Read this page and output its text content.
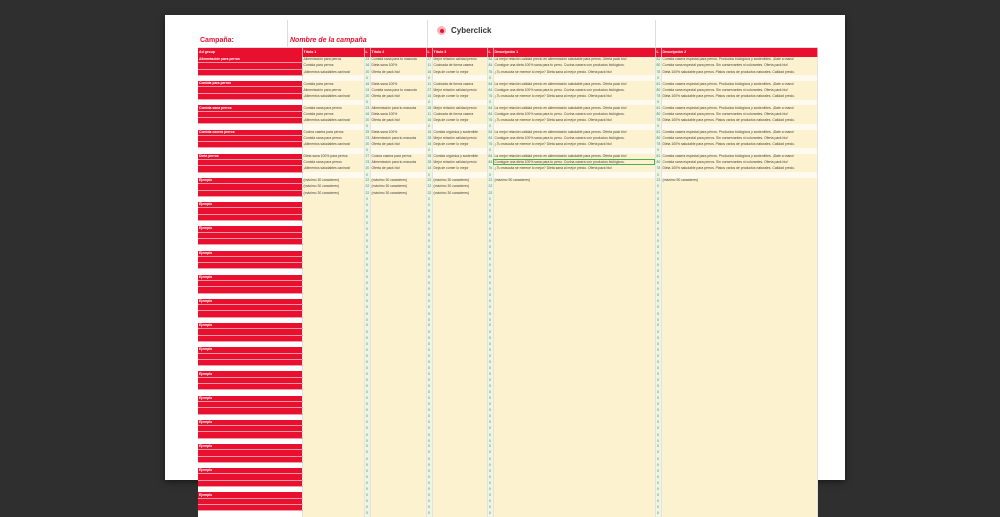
Campaña:	Nombre de la campaña
Cyberclick
Ad group	Título 1	L	Título 2	L	Título 3	L	Descripción 1	L	Descripción 2
Alimentación para perros	Alimentación para perros	24	Comida sana para tu mascota	27	Mejor relación calidad precio	84	La mejor relación calidad precio en alimentación saludable para perros. Oferta pack bio!	81	Comida casera especial para perros. Productos biológicos y sostenibles. ¡Date a mano!
	Comida para perros	16	Dieta sana 100%	11	Cocinada de forma casera	84	Consigue una dieta 100% sana para tu perro. Cocina casera con productos biológicos.	80	Comida sana especial para perros. Sin conservantes ni colorantes. Oferta pack bio!
	¡Alimentos saludables caninos!	20	Oferta de pack bio!	16	Deja de comer lo mejor	76	¿Tu mascota se merece lo mejor? Dieta sana al mejor precio. Oferta pack bio!	78	Dieta 100% saludable para perros. Platos varios de productos naturales. Calidad precio.
		0		0		0		0	
Comida para perros	Comida para perros	16	Dieta sana 100%	11	Cocinada de forma casera	84	La mejor relación calidad precio en alimentación saludable para perros. Oferta pack bio!	81	Comida casera especial para perros. Productos biológicos y sostenibles. ¡Date a mano!
	Alimentación para perros	24	Comida sana para tu mascota	27	Mejor relación calidad precio	84	Consigue una dieta 100% sana para tu perro. Cocina casera con productos biológicos.	80	Comida sana especial para perros. Sin conservantes ni colorantes. Oferta pack bio!
	¡Alimentos saludables caninos!	20	Oferta de pack bio!	16	Deja de comer lo mejor	76	¿Tu mascota se merece lo mejor? Dieta sana al mejor precio. Oferta pack bio!	78	Dieta 100% saludable para perros. Platos varios de productos naturales. Calidad precio.
		0		0		0		0	
Comida sana perros	Comida sana para perros	23	Alimentación para tu mascota	28	Mejor relación calidad precio	84	La mejor relación calidad precio en alimentación saludable para perros. Oferta pack bio!	81	Comida casera especial para perros. Productos biológicos y sostenibles. ¡Date a mano!
	Comida para perros	16	Dieta sana 100%	11	Cocinada de forma casera	84	Consigue una dieta 100% sana para tu perro. Cocina casera con productos biológicos.	80	Comida sana especial para perros. Sin conservantes ni colorantes. Oferta pack bio!
	¡Alimentos saludables caninos!	20	Oferta de pack bio!	16	Deja de comer lo mejor	76	¿Tu mascota se merece lo mejor? Dieta sana al mejor precio. Oferta pack bio!	78	Dieta 100% saludable para perros. Platos varios de productos naturales. Calidad precio.
		0		0		0		0	
Comida casera perros	Cocina casera para perros	25	Dieta sana 100%	16	Comida orgánica y sostenible	84	La mejor relación calidad precio en alimentación saludable para perros. Oferta pack bio!	81	Comida casera especial para perros. Productos biológicos y sostenibles. ¡Date a mano!
	Comida sana para perros	23	Alimentación para tu mascota	28	Mejor relación calidad precio	84	Consigue una dieta 100% sana para tu perro. Cocina casera con productos biológicos.	80	Comida sana especial para perros. Sin conservantes ni colorantes. Oferta pack bio!
	¡Alimentos saludables caninos!	20	Oferta de pack bio!	16	Deja de comer lo mejor	76	¿Tu mascota se merece lo mejor? Dieta sana al mejor precio. Oferta pack bio!	78	Dieta 100% saludable para perros. Platos varios de productos naturales. Calidad precio.
		0		0		0		0	
Dieta perros	Dieta sana 100% para perros	27	Cocina casera para perros	25	Comida orgánica y sostenible	84	La mejor relación calidad precio en alimentación saludable para perros. Oferta pack bio!	81	Comida casera especial para perros. Productos biológicos y sostenibles. ¡Date a mano!
	Comida sana para perros	23	Alimentación para tu mascota	28	Mejor relación calidad precio	84	Consigue una dieta 100% sana para tu perro. Cocina casera con productos biológicos.	80	Comida sana especial para perros. Sin conservantes ni colorantes. Oferta pack bio!
	¡Alimentos saludables caninos!	20	Oferta de pack bio!	16	Deja de comer lo mejor	76	¿Tu mascota se merece lo mejor? Dieta sana al mejor precio. Oferta pack bio!	78	Dieta 100% saludable para perros. Platos varios de productos naturales. Calidad precio.
		0		0		0		0	
Ejemplo	(máximo 30 caracteres)	22	(máximo 30 caracteres)	22	(máximo 30 caracteres)	22	(máximo 90 caracteres)	22	(máximo 90 caracteres)
	(máximo 30 caracteres)	22	(máximo 30 caracteres)	22	(máximo 30 caracteres)	22		0	
	(máximo 30 caracteres)	22	(máximo 30 caracteres)	22	(máximo 30 caracteres)	22		0	
		0		0		0		0	
Ejemplo		0		0		0		0	
		0		0		0		0	
		0		0		0		0	
		0		0		0		0	
Ejemplo		0		0		0		0	
		0		0		0		0	
		0		0		0		0	
		0		0		0		0	
Ejemplo		0		0		0		0	
		0		0		0		0	
		0		0		0		0	
		0		0		0		0	
Ejemplo		0		0		0		0	
		0		0		0		0	
		0		0		0		0	
		0		0		0		0	
Ejemplo		0		0		0		0	
		0		0		0		0	
		0		0		0		0	
		0		0		0		0	
Ejemplo		0		0		0		0	
		0		0		0		0	
		0		0		0		0	
		0		0		0		0	
Ejemplo		0		0		0		0	
		0		0		0		0	
		0		0		0		0	
		0		0		0		0	
Ejemplo		0		0		0		0	
		0		0		0		0	
		0		0		0		0	
		0		0		0		0	
Ejemplo		0		0		0		0	
		0		0		0		0	
		0		0		0		0	
		0		0		0		0	
Ejemplo		0		0		0		0	
		0		0		0		0	
		0		0		0		0	
		0		0		0		0	
Ejemplo		0		0		0		0	
		0		0		0		0	
		0		0		0		0	
		0		0		0		0	
Ejemplo		0		0		0		0	
		0		0		0		0	
		0		0		0		0	
		0		0		0		0	
Ejemplo		0		0		0		0	
		0		0		0		0	
		0		0		0		0	
		0		0		0		0	
